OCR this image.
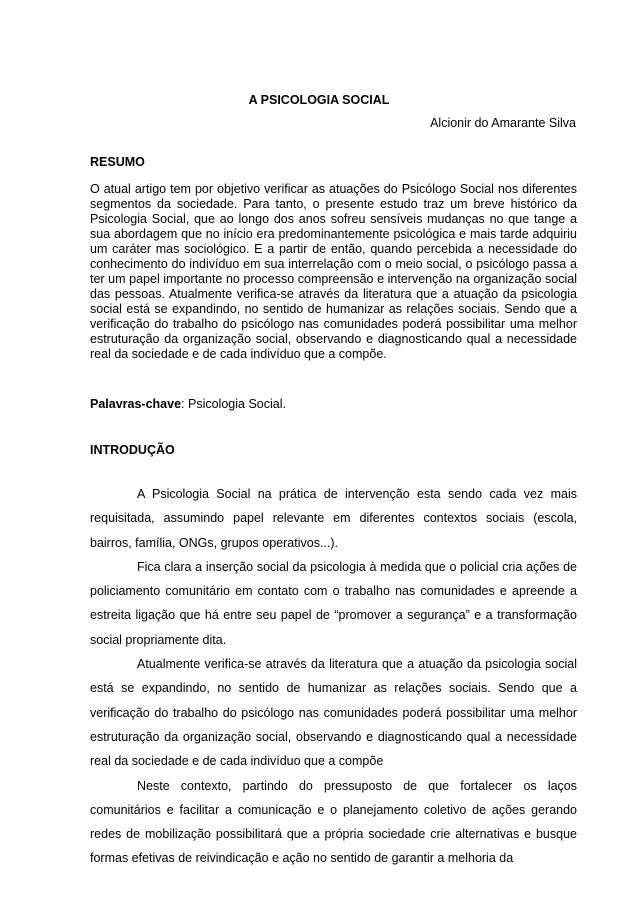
A PSICOLOGIA SOCIAL
Alcionir do Amarante Silva
RESUMO

O atual artigo tem por objetivo verificar as atuações do Psicólogo Social nos diferentes segmentos da sociedade. Para tanto, o presente estudo traz um breve histórico da Psicologia Social, que ao longo dos anos sofreu sensíveis mudanças no que tange a sua abordagem que no início era predominantemente psicológica e mais tarde adquiriu um caráter mas sociológico. E a partir de então, quando percebida a necessidade do conhecimento do indivíduo em sua interrelação com o meio social, o psicólogo passa a ter um papel importante no processo compreensão e intervenção na organização social das pessoas. Atualmente verifica-se através da literatura que a atuação da psicologia social está se expandindo, no sentido de humanizar as relações sociais. Sendo que a verificação do trabalho do psicólogo nas comunidades poderá possibilitar uma melhor estruturação da organização social, observando e diagnosticando qual a necessidade real da sociedade e de cada indivíduo que a compõe.

Palavras-chave: Psicologia Social.

INTRODUÇÃO

A Psicologia Social na prática de intervenção esta sendo cada vez mais requisitada, assumindo papel relevante em diferentes contextos sociais (escola, bairros, família, ONGs, grupos operativos...).

Fica clara a inserção social da psicologia à medida que o policial cria ações de policiamento comunitário em contato com o trabalho nas comunidades e apreende a estreita ligação que há entre seu papel de “promover a segurança” e a transformação social propriamente dita.

Atualmente verifica-se através da literatura que a atuação da psicologia social está se expandindo, no sentido de humanizar as relações sociais. Sendo que a verificação do trabalho do psicólogo nas comunidades poderá possibilitar uma melhor estruturação da organização social, observando e diagnosticando qual a necessidade real da sociedade e de cada indivíduo que a compõe

Neste contexto, partindo do pressuposto de que fortalecer os laços comunitários e facilitar a comunicação e o planejamento coletivo de ações gerando redes de mobilização possibilitará que a própria sociedade crie alternativas e busque formas efetivas de reivindicação e ação no sentido de garantir a melhoria da
